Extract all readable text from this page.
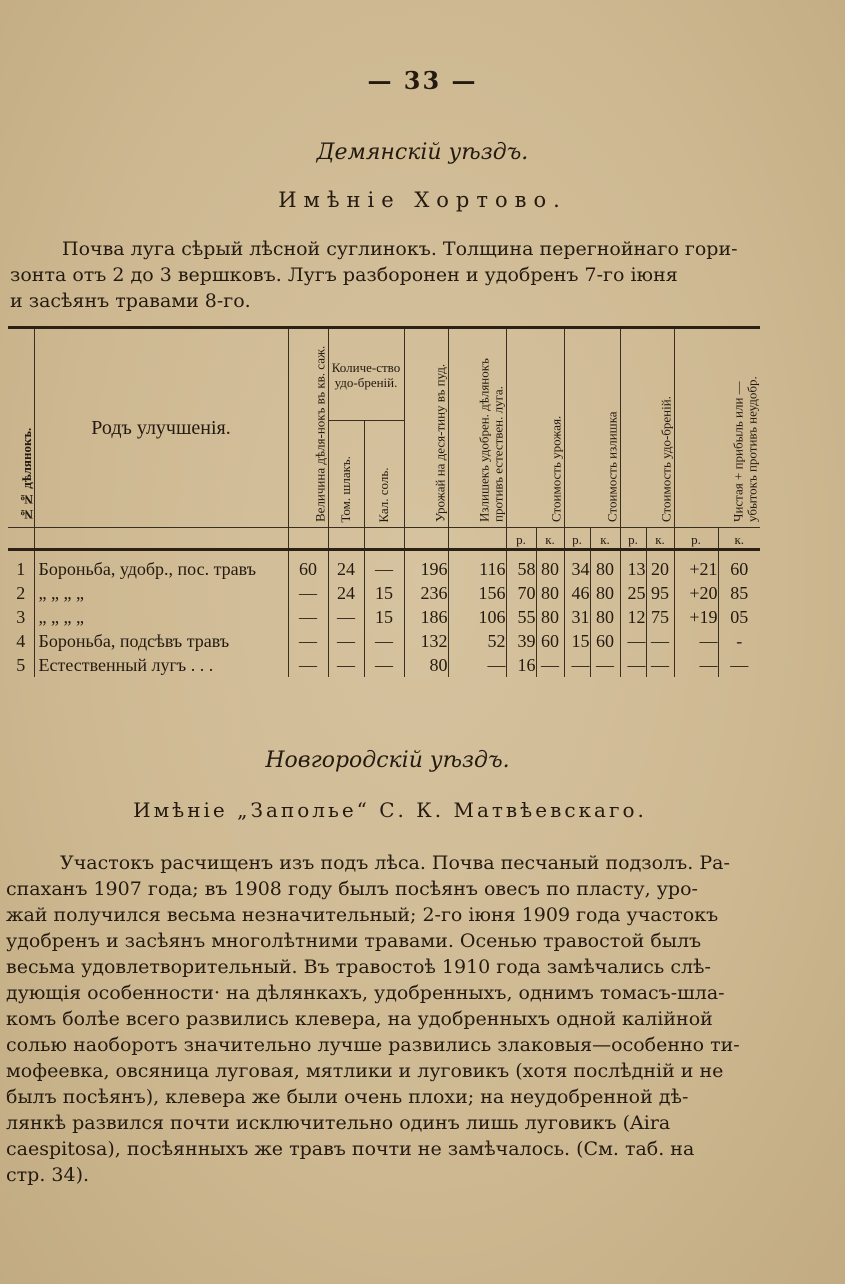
— 33 —
Демянскій уѣздъ.
Имѣніе Хортово.
Почва луга сѣрый лѣсной суглинокъ. Толщина перегнойнаго гори-
зонта отъ 2 до 3 вершковъ. Лугъ разборонен и удобренъ 7-го іюня
и засѣянъ травами 8-го.
№№ дѣлянокъ.	Родъ улучшенія.	Величина дѣля-нокъ въ кв. саж.	Количе-ство удо-бреній.		Урожай на деся-тину въ пуд.	Излишекъ удобрен. дѣлянокъ противъ естествен. луга.	Стоимость урожая.		Стоимость излишка		Стоимость удо-бреній.		Чистая + прибыль или — убытокъ противъ неудобр.	
			Том. шлакъ.	Кал. соль.										
							р.	к.	р.	к.	р.	к.	р.	к.
1	Бороньба, удобр., пос. травъ	60	24	—	196	116	58	80	34	80	13	20	+21	60
2	„ „ „ „	—	24	15	236	156	70	80	46	80	25	95	+20	85
3	„ „ „ „	—	—	15	186	106	55	80	31	80	12	75	+19	05
4	Бороньба, подсѣвъ травъ	—	—	—	132	52	39	60	15	60	—	—	—	-
5	Естественный лугъ . . .	—	—	—	80	—	16	—	—	—	—	—	—	—
Новгородскій уѣздъ.
Имѣніе „Заполье“ С. К. Матвѣевскаго.
Участокъ расчищенъ изъ подъ лѣса. Почва песчаный подзолъ. Ра-
спаханъ 1907 года; въ 1908 году былъ посѣянъ овесъ по пласту, уро-
жай получился весьма незначительный; 2-го іюня 1909 года участокъ
удобренъ и засѣянъ многолѣтними травами. Осенью травостой былъ
весьма удовлетворительный. Въ травостоѣ 1910 года замѣчались слѣ-
дующія особенности· на дѣлянкахъ, удобренныхъ, однимъ томасъ-шла-
комъ болѣе всего развились клевера, на удобренныхъ одной калійной
солью наоборотъ значительно лучше развились злаковыя—особенно ти-
мофеевка, овсяница луговая, мятлики и луговикъ (хотя послѣдній и не
былъ посѣянъ), клевера же были очень плохи; на неудобренной дѣ-
лянкѣ развился почти исключительно одинъ лишь луговикъ (Aira
caespitosa), посѣянныхъ же травъ почти не замѣчалось. (См. таб. на
стр. 34).
